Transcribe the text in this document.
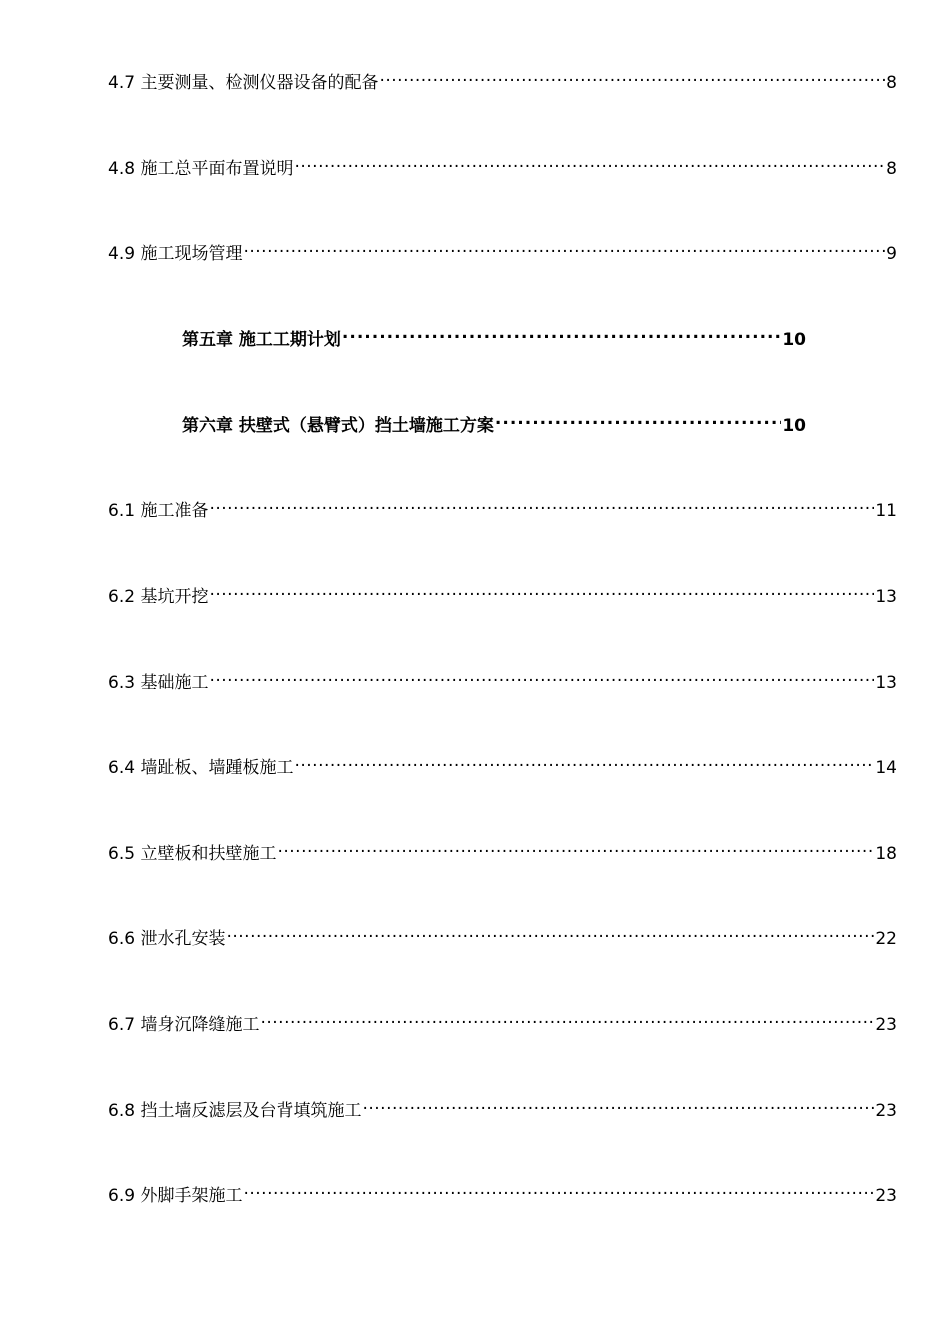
4.7 主要测量、检测仪器设备的配备 .....	8
4.8 施工总平面布置说明 .....	8
4.9 施工现场管理 .....	9
第五章 施工工期计划 .....	10
第六章 扶壁式（悬臂式）挡土墙施工方案 .....	10
6.1 施工准备 .....	11
6.2 基坑开挖 .....	13
6.3 基础施工 .....	13
6.4 墙趾板、墙踵板施工 .....	14
6.5 立壁板和扶壁施工 .....	18
6.6 泄水孔安装 .....	22
6.7 墙身沉降缝施工 .....	23
6.8 挡土墙反滤层及台背填筑施工 .....	23
6.9 外脚手架施工 .....	23
